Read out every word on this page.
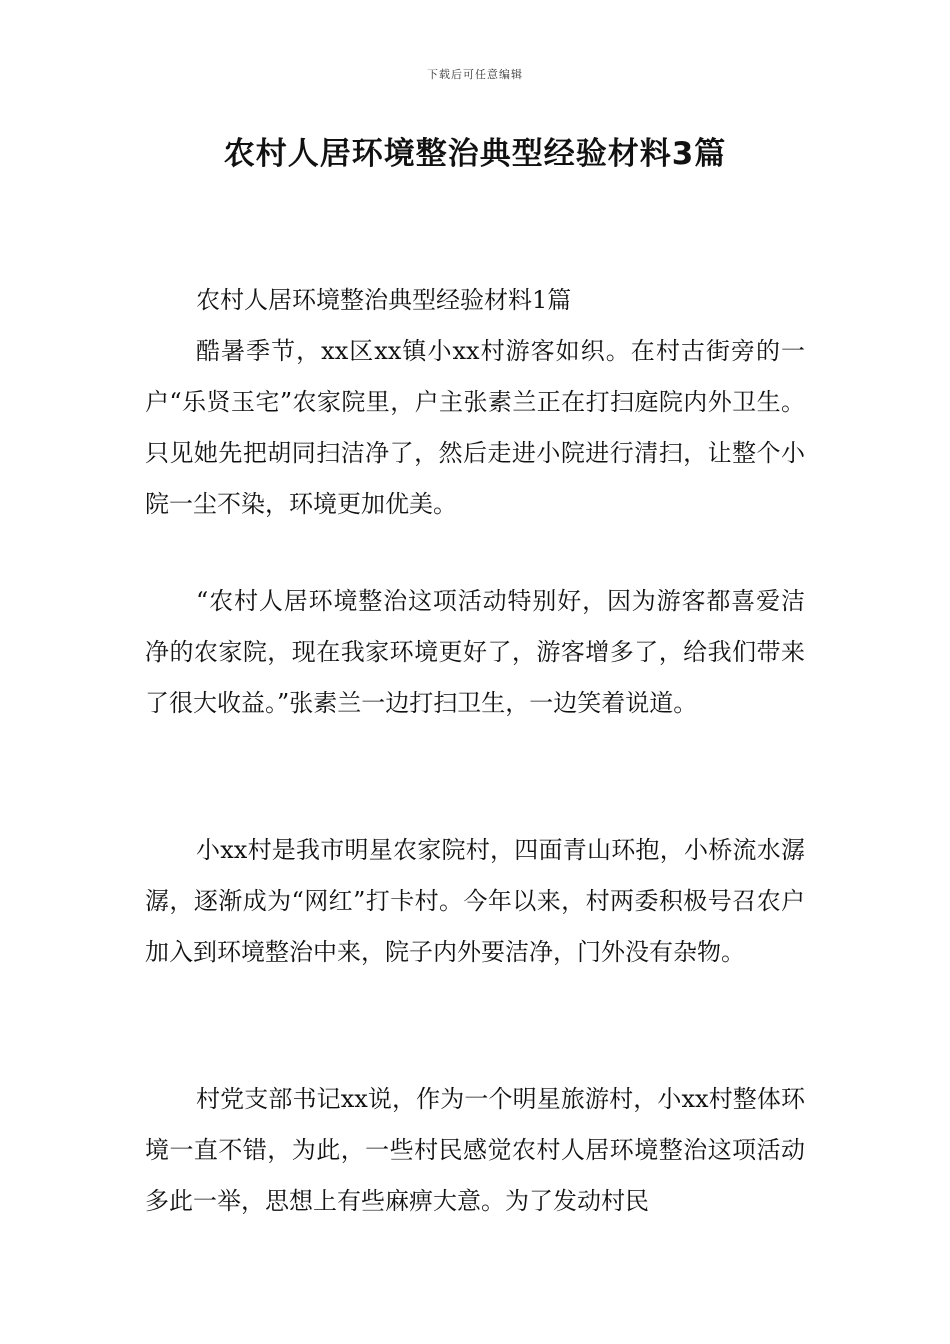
下载后可任意编辑
农村人居环境整治典型经验材料3篇
农村人居环境整治典型经验材料1篇
酷暑季节，xx区xx镇小xx村游客如织。在村古街旁的一户“乐贤玉宅”农家院里，户主张素兰正在打扫庭院内外卫生。只见她先把胡同扫洁净了，然后走进小院进行清扫，让整个小院一尘不染，环境更加优美。
“农村人居环境整治这项活动特别好，因为游客都喜爱洁净的农家院，现在我家环境更好了，游客增多了，给我们带来了很大收益。”张素兰一边打扫卫生，一边笑着说道。
小xx村是我市明星农家院村，四面青山环抱，小桥流水潺潺，逐渐成为“网红”打卡村。今年以来，村两委积极号召农户加入到环境整治中来，院子内外要洁净，门外没有杂物。
村党支部书记xx说，作为一个明星旅游村，小xx村整体环境一直不错，为此，一些村民感觉农村人居环境整治这项活动多此一举，思想上有些麻痹大意。为了发动村民
